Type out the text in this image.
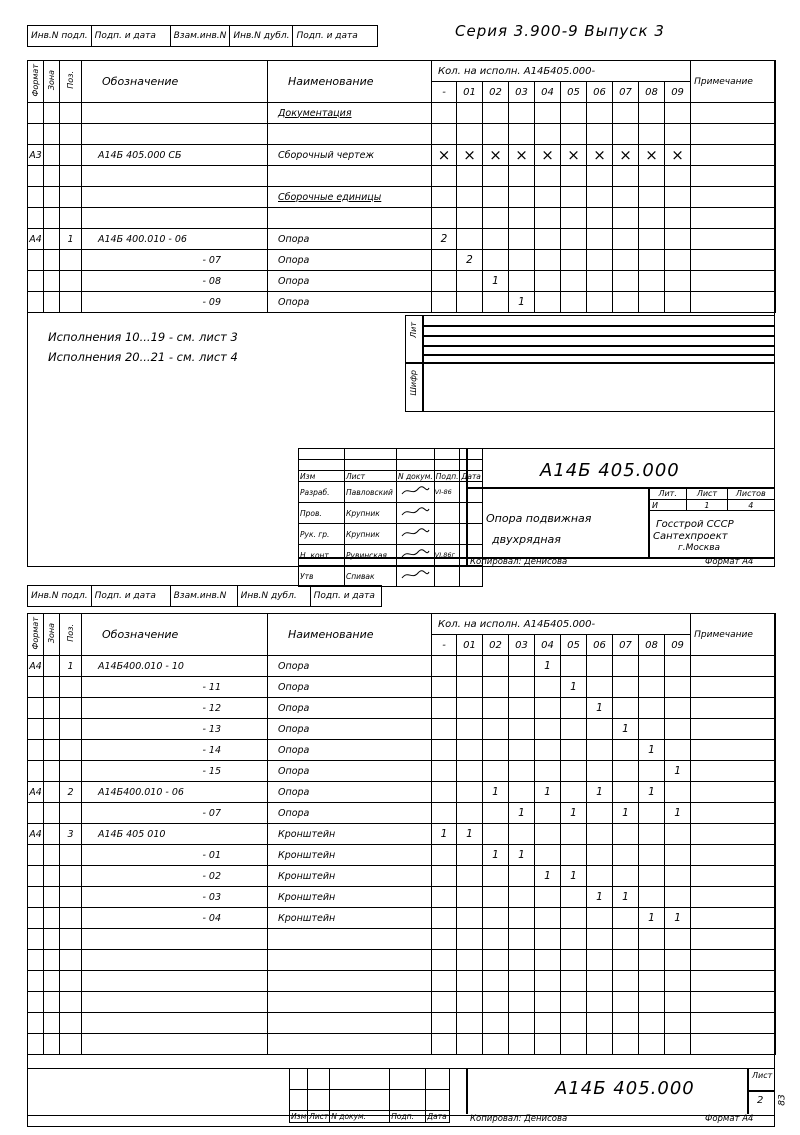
Инв.N подл.	Подп. и дата	Взам.инв.N	Инв.N дубл.	Подп. и дата	Серия 3.900-9 Выпуск 3
Формат	Зона	Поз.	Обозначение	Наименование	Кол. на исполн. А14Б405.000-										Примечание
					-	01	02	03	04	05	06	07	08	09	
				Документация											

A3			А14Б 405.000 СБ	Сборочный чертеж	×	×	×	×	×	×	×	×	×	×	

				Сборочные единицы											

A4		1	А14Б 400.010 - 06	Опора	2										
			- 07	Опора		2									
			- 08	Опора			1								
			- 09	Опора				1							
Исполнения 10...19 - см. лист 3
Исполнения 20...21 - см. лист 4
Лит
Шифр
А14Б 405.000

Изм	Лист	N докум.	Подп.	Дата
Разраб.	Павловский		VI-86	
Пров.	Крупник			
Рук. гр.	Крупник			
Н. конт.	Рувинская		VI.86г	
Утв	Спивак			
Опора подвижная
двухрядная
Лит.	Лист	Листов
И	1	4
Госстрой СССР
Сантехпроект
г.Москва
Копировал: Денисова	Формат А4
Инв.N подл.	Подп. и дата	Взам.инв.N	Инв.N дубл.	Подп. и дата
Формат	Зона	Поз.	Обозначение	Наименование	Кол. на исполн. А14Б405.000-										Примечание
					-	01	02	03	04	05	06	07	08	09	
A4		1	А14Б400.010 - 10	Опора					1						
			- 11	Опора						1					
			- 12	Опора							1				
			- 13	Опора								1			
			- 14	Опора									1		
			- 15	Опора										1	
A4		2	А14Б400.010 - 06	Опора			1		1		1		1		
			- 07	Опора				1		1		1		1	
A4		3	А14Б 405 010	Кронштейн	1	1									
			- 01	Кронштейн			1	1							
			- 02	Кронштейн					1	1					
			- 03	Кронштейн							1	1			
			- 04	Кронштейн									1	1	

Изм	Лист	N докум.	Подп.	Дата
А14Б 405.000
Лист
2
Копировал: Денисова	Формат А4
83
